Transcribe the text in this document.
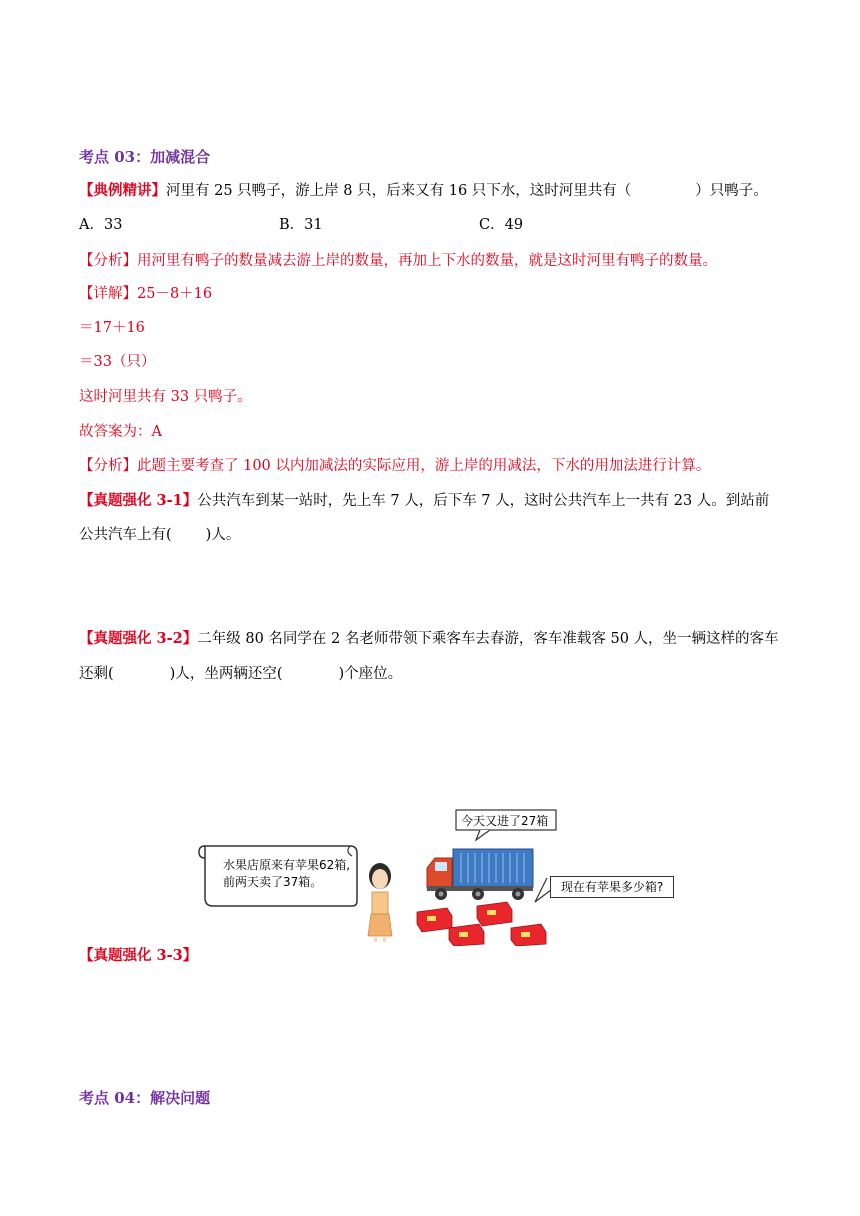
考点 03：加减混合
【典例精讲】河里有 25 只鸭子，游上岸 8 只，后来又有 16 只下水，这时河里共有（	）只鸭子。
A．33	B．31	C．49
【分析】用河里有鸭子的数量减去游上岸的数量，再加上下水的数量，就是这时河里有鸭子的数量。
【详解】25－8＋16
＝17＋16
＝33（只）
这时河里共有 33 只鸭子。
故答案为：A
【分析】此题主要考查了 100 以内加减法的实际应用，游上岸的用减法，下水的用加法进行计算。
【真题强化 3-1】公共汽车到某一站时，先上车 7 人，后下车 7 人，这时公共汽车上一共有 23 人。到站前
公共汽车上有( )人。
【真题强化 3-2】二年级 80 名同学在 2 名老师带领下乘客车去春游，客车准载客 50 人，坐一辆这样的客车
还剩(	)人，坐两辆还空(	)个座位。
水果店原来有苹果62箱,
前两天卖了37箱。
今天又进了27箱
现在有苹果多少箱?
【真题强化 3-3】
考点 04：解决问题
